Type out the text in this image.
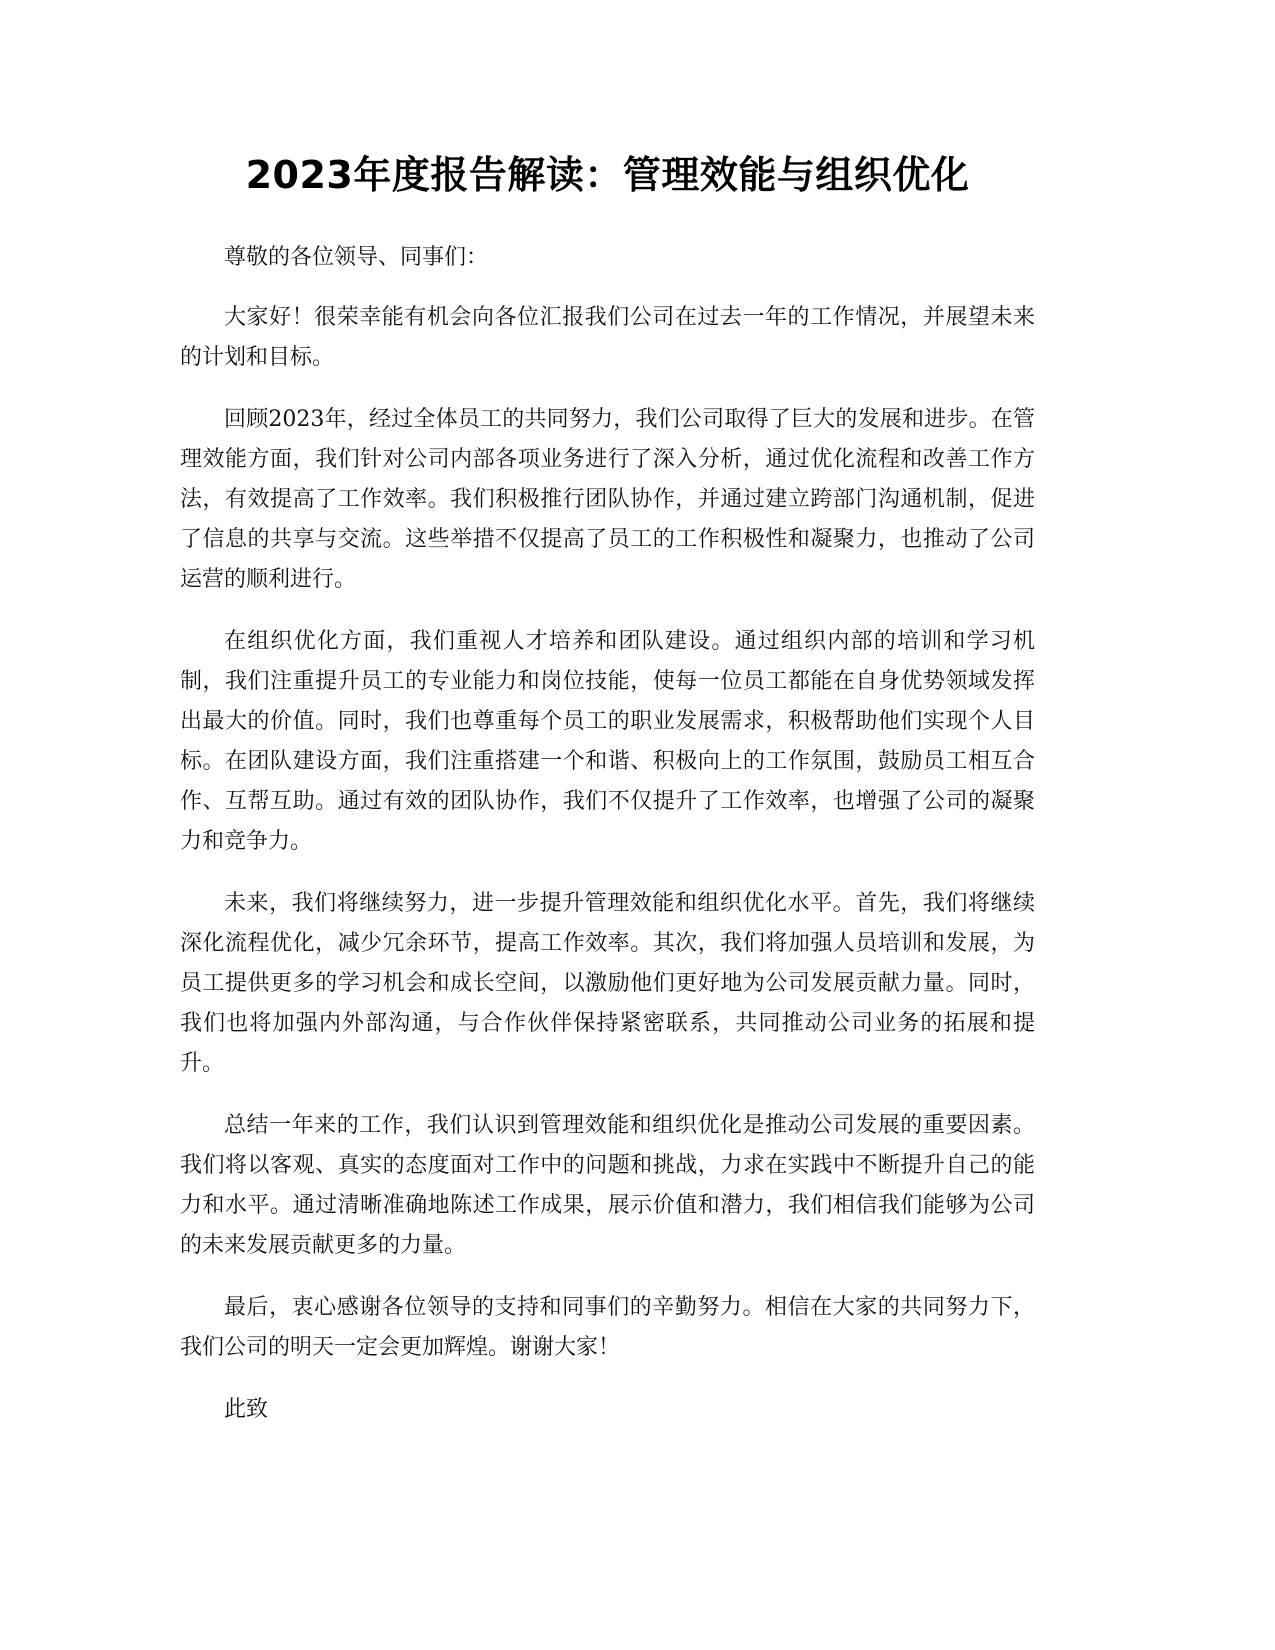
2023年度报告解读：管理效能与组织优化

尊敬的各位领导、同事们：

大家好！很荣幸能有机会向各位汇报我们公司在过去一年的工作情况，并展望未来的计划和目标。

回顾2023年，经过全体员工的共同努力，我们公司取得了巨大的发展和进步。在管理效能方面，我们针对公司内部各项业务进行了深入分析，通过优化流程和改善工作方法，有效提高了工作效率。我们积极推行团队协作，并通过建立跨部门沟通机制，促进了信息的共享与交流。这些举措不仅提高了员工的工作积极性和凝聚力，也推动了公司运营的顺利进行。

在组织优化方面，我们重视人才培养和团队建设。通过组织内部的培训和学习机制，我们注重提升员工的专业能力和岗位技能，使每一位员工都能在自身优势领域发挥出最大的价值。同时，我们也尊重每个员工的职业发展需求，积极帮助他们实现个人目标。在团队建设方面，我们注重搭建一个和谐、积极向上的工作氛围，鼓励员工相互合作、互帮互助。通过有效的团队协作，我们不仅提升了工作效率，也增强了公司的凝聚力和竞争力。

未来，我们将继续努力，进一步提升管理效能和组织优化水平。首先，我们将继续深化流程优化，减少冗余环节，提高工作效率。其次，我们将加强人员培训和发展，为员工提供更多的学习机会和成长空间，以激励他们更好地为公司发展贡献力量。同时，我们也将加强内外部沟通，与合作伙伴保持紧密联系，共同推动公司业务的拓展和提升。

总结一年来的工作，我们认识到管理效能和组织优化是推动公司发展的重要因素。我们将以客观、真实的态度面对工作中的问题和挑战，力求在实践中不断提升自己的能力和水平。通过清晰准确地陈述工作成果，展示价值和潜力，我们相信我们能够为公司的未来发展贡献更多的力量。

最后，衷心感谢各位领导的支持和同事们的辛勤努力。相信在大家的共同努力下，我们公司的明天一定会更加辉煌。谢谢大家！

此致
